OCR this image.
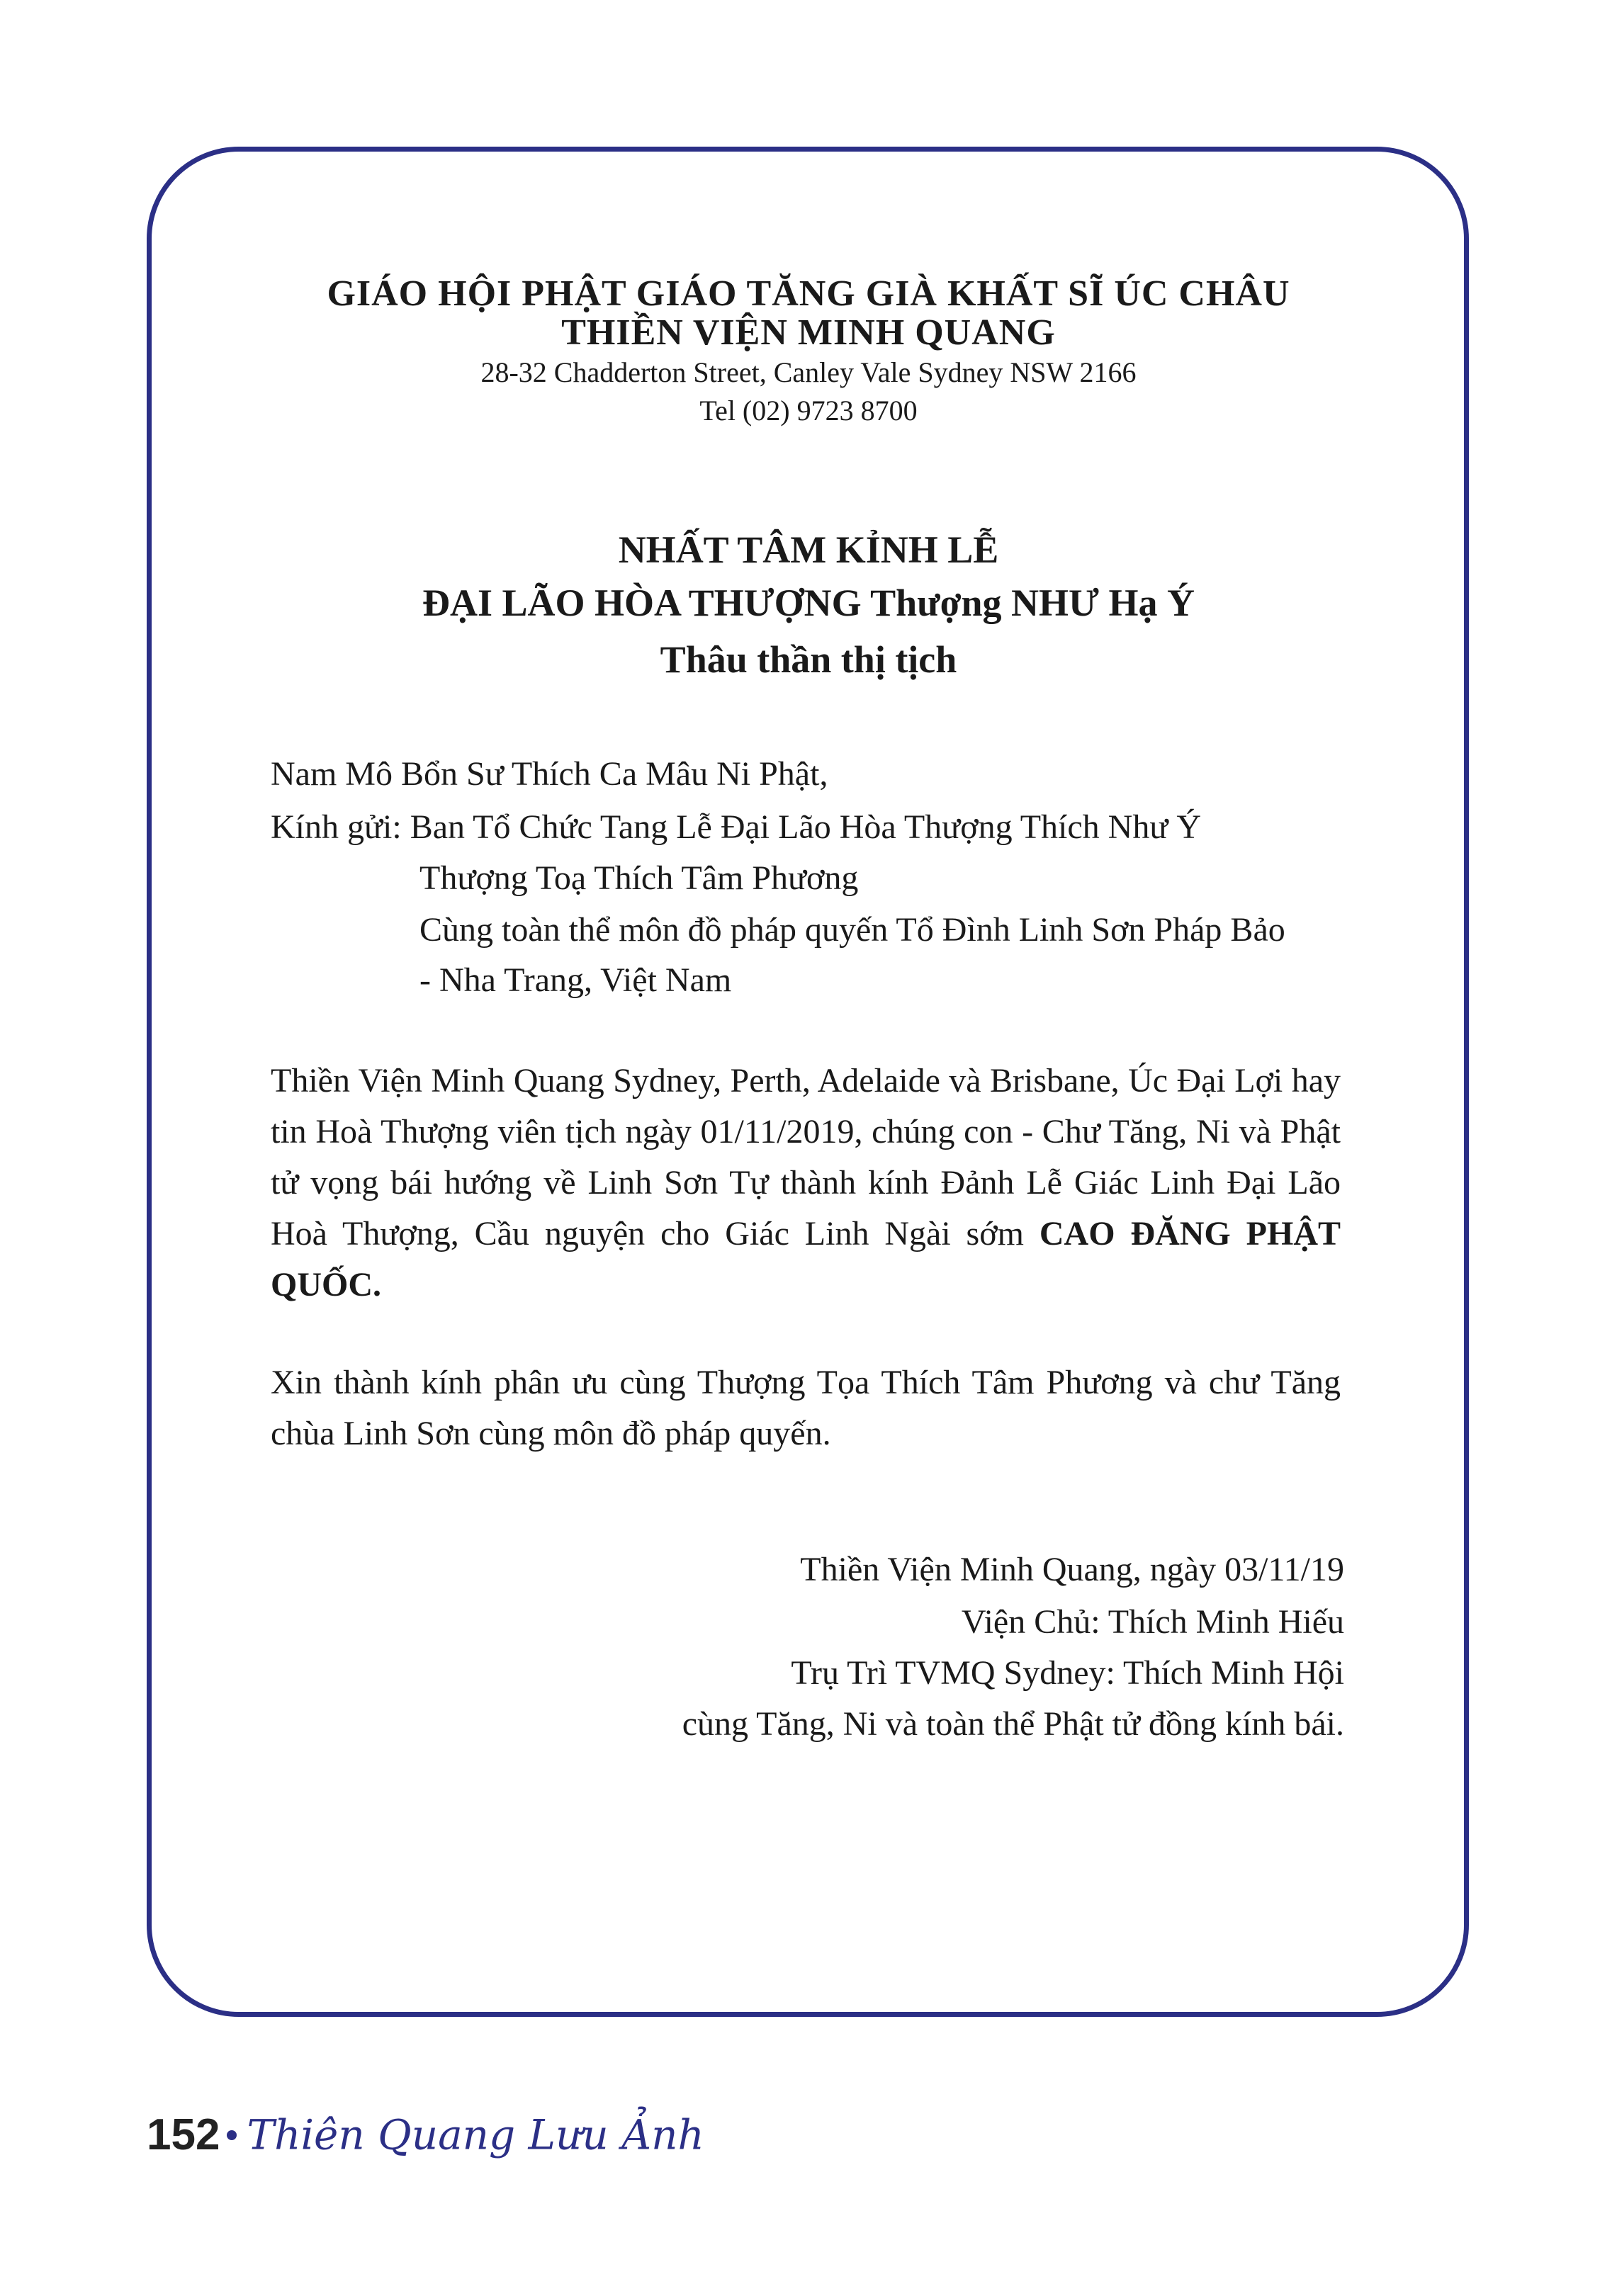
GIÁO HỘI PHẬT GIÁO TĂNG GIÀ KHẤT SĨ ÚC CHÂU
THIỀN VIỆN MINH QUANG
28-32 Chadderton Street, Canley Vale Sydney NSW 2166
Tel (02) 9723 8700
NHẤT TÂM KỈNH LỄ
ĐẠI LÃO HÒA THƯỢNG Thượng NHƯ Hạ Ý
Thâu thần thị tịch
Nam Mô Bổn Sư Thích Ca Mâu Ni Phật,
Kính gửi: Ban Tổ Chức Tang Lễ Đại Lão Hòa Thượng Thích Như Ý
Thượng Toạ Thích Tâm Phương
Cùng toàn thể môn đồ pháp quyến Tổ Đình Linh Sơn Pháp Bảo
- Nha Trang, Việt Nam
Thiền Viện Minh Quang Sydney, Perth, Adelaide và Brisbane, Úc Đại Lợi hay tin Hoà Thượng viên tịch ngày 01/11/2019, chúng con - Chư Tăng, Ni và Phật tử vọng bái hướng về Linh Sơn Tự thành kính Đảnh Lễ Giác Linh Đại Lão Hoà Thượng, Cầu nguyện cho Giác Linh Ngài sớm CAO ĐĂNG PHẬT QUỐC.
Xin thành kính phân ưu cùng Thượng Tọa Thích Tâm Phương và chư Tăng chùa Linh Sơn cùng môn đồ pháp quyến.
Thiền Viện Minh Quang, ngày 03/11/19
Viện Chủ: Thích Minh Hiếu
Trụ Trì TVMQ Sydney: Thích Minh Hội
cùng Tăng, Ni và toàn thể Phật tử đồng kính bái.
152 Thiên Quang Lưu Ảnh
